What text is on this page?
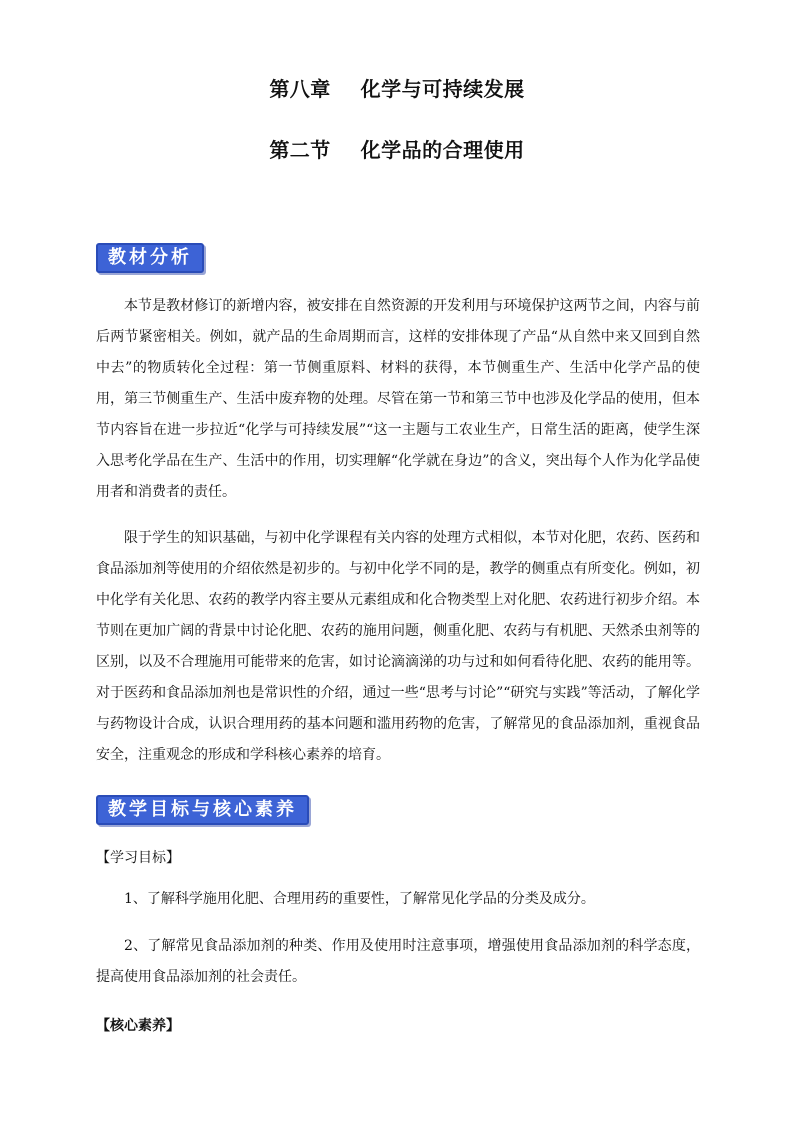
第八章    化学与可持续发展
第二节    化学品的合理使用
教材分析

本节是教材修订的新增内容，被安排在自然资源的开发利用与环境保护这两节之间，内容与前后两节紧密相关。例如，就产品的生命周期而言，这样的安排体现了产品“从自然中来又回到自然中去”的物质转化全过程：第一节侧重原料、材料的获得，本节侧重生产、生活中化学产品的使用，第三节侧重生产、生活中废弃物的处理。尽管在第一节和第三节中也涉及化学品的使用，但本节内容旨在进一步拉近“化学与可持续发展”“这一主题与工农业生产，日常生活的距离，使学生深入思考化学品在生产、生活中的作用，切实理解“化学就在身边”的含义，突出每个人作为化学品使用者和消费者的责任。

限于学生的知识基础，与初中化学课程有关内容的处理方式相似，本节对化肥，农药、医药和食品添加剂等使用的介绍依然是初步的。与初中化学不同的是，教学的侧重点有所变化。例如，初中化学有关化思、农药的教学内容主要从元素组成和化合物类型上对化肥、农药进行初步介绍。本节则在更加广阔的背景中讨论化肥、农药的施用问题，侧重化肥、农药与有机肥、天然杀虫剂等的区别，以及不合理施用可能带来的危害，如讨论滴滴涕的功与过和如何看待化肥、农药的能用等。对于医药和食品添加剂也是常识性的介绍，通过一些“思考与讨论”“研究与实践”等活动，了解化学与药物设计合成，认识合理用药的基本问题和滥用药物的危害，了解常见的食品添加剂，重视食品安全，注重观念的形成和学科核心素养的培育。

教学目标与核心素养
【学习目标】

1、了解科学施用化肥、合理用药的重要性，了解常见化学品的分类及成分。

2、了解常见食品添加剂的种类、作用及使用时注意事项，增强使用食品添加剂的科学态度，提高使用食品添加剂的社会责任。

【核心素养】
